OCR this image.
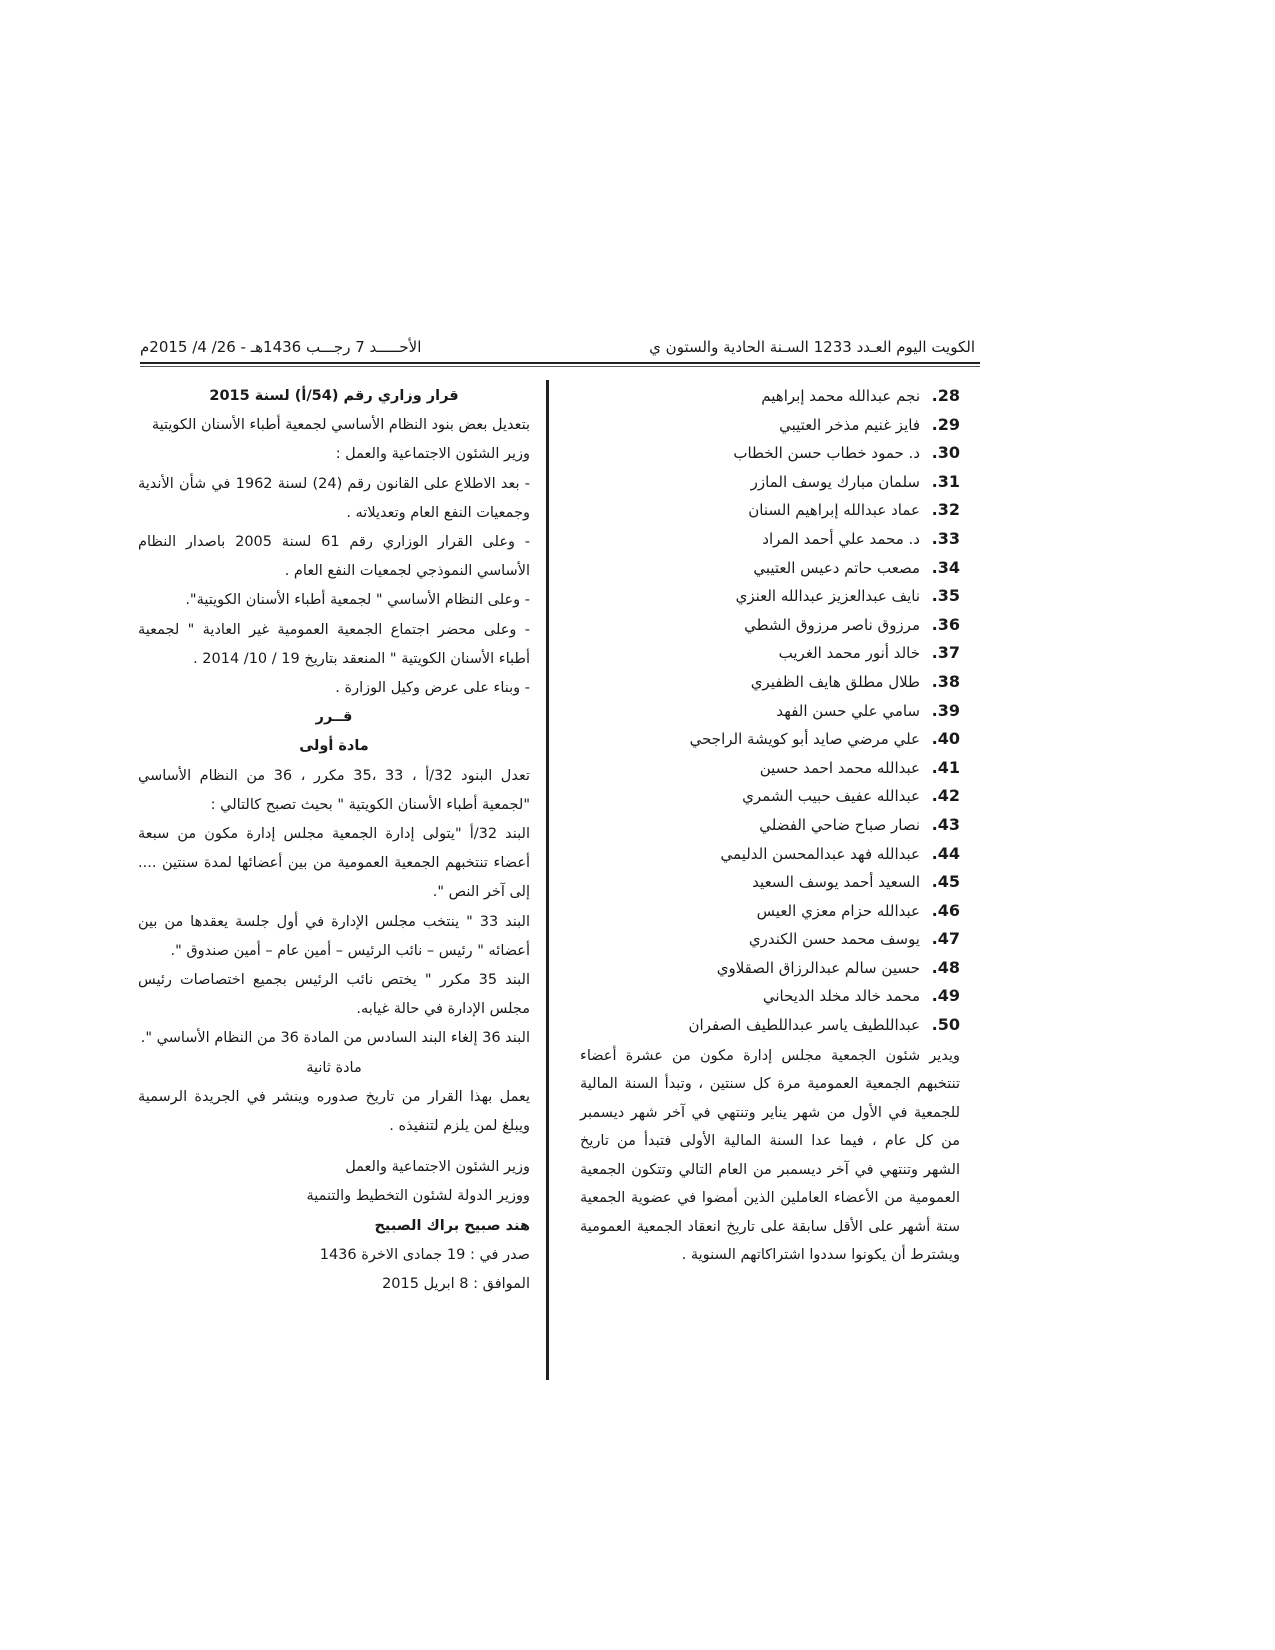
الكويت اليوم العـدد 1233 السـنة الحادية والستون ي
الأحـــــد 7 رجـــب 1436هـ - 26/ 4/ 2015م
28.نجم عبدالله محمد إبراهيم
29.فايز غنيم مذخر العتيبي
30.د. حمود خطاب حسن الخطاب
31.سلمان مبارك يوسف المازر
32.عماد عبدالله إبراهيم السنان
33.د. محمد علي أحمد المراد
34.مصعب حاتم دعيس العتيبي
35.نايف عبدالعزيز عبدالله العنزي
36.مرزوق ناصر مرزوق الشطي
37.خالد أنور محمد الغريب
38.طلال مطلق هايف الظفيري
39.سامي علي حسن الفهد
40.علي مرضي صايد أبو كويشة الراجحي
41.عبدالله محمد احمد حسين
42.عبدالله عفيف حبيب الشمري
43.نصار صباح ضاحي الفضلي
44.عبدالله فهد عبدالمحسن الدليمي
45.السعيد أحمد يوسف السعيد
46.عبدالله حزام معزي العيس
47.يوسف محمد حسن الكندري
48.حسين سالم عبدالرزاق الصقلاوي
49.محمد خالد مخلد الديحاني
50.عبداللطيف ياسر عبداللطيف الصفران

ويدير شئون الجمعية مجلس إدارة مكون من عشرة أعضاء تنتخبهم الجمعية العمومية مرة كل سنتين ، وتبدأ السنة المالية للجمعية في الأول من شهر يناير وتنتهي في آخر شهر ديسمبر من كل عام ، فيما عدا السنة المالية الأولى فتبدأ من تاريخ الشهر وتنتهي في آخر ديسمبر من العام التالي وتتكون الجمعية العمومية من الأعضاء العاملين الذين أمضوا في عضوية الجمعية ستة أشهر على الأقل سابقة على تاريخ انعقاد الجمعية العمومية ويشترط أن يكونوا سددوا اشتراكاتهم السنوية .

قرار وزاري رقم (54/أ) لسنة 2015

بتعديل بعض بنود النظام الأساسي لجمعية أطباء الأسنان الكويتية

وزير الشئون الاجتماعية والعمل :

- بعد الاطلاع على القانون رقم (24) لسنة 1962 في شأن الأندية وجمعيات النفع العام وتعديلاته .

- وعلى القرار الوزاري رقم 61 لسنة 2005 باصدار النظام الأساسي النموذجي لجمعيات النفع العام .

- وعلى النظام الأساسي " لجمعية أطباء الأسنان الكويتية".

- وعلى محضر اجتماع الجمعية العمومية غير العادية " لجمعية أطباء الأسنان الكويتية " المنعقد بتاريخ 19 / 10/ 2014 .

- وبناء على عرض وكيل الوزارة .

قــرر

مادة أولى

تعدل البنود 32/أ ، 33 ،35 مكرر ، 36 من النظام الأساسي "لجمعية أطباء الأسنان الكويتية " بحيث تصبح كالتالي :

البند 32/أ "يتولى إدارة الجمعية مجلس إدارة مكون من سبعة أعضاء تنتخبهم الجمعية العمومية من بين أعضائها لمدة سنتين .... إلى آخر النص ".

البند 33 " ينتخب مجلس الإدارة في أول جلسة يعقدها من بين أعضائه " رئيس – نائب الرئيس – أمين عام – أمين صندوق ".

البند 35 مكرر " يختص نائب الرئيس بجميع اختصاصات رئيس مجلس الإدارة في حالة غيابه.

البند 36 إلغاء البند السادس من المادة 36 من النظام الأساسي ".

مادة ثانية

يعمل بهذا القرار من تاريخ صدوره وينشر في الجريدة الرسمية ويبلغ لمن يلزم لتنفيذه .

وزير الشئون الاجتماعية والعمل

ووزير الدولة لشئون التخطيط والتنمية

هند صبيح براك الصبيح

صدر في : 19 جمادى الاخرة 1436

الموافق : 8 ابريل 2015
